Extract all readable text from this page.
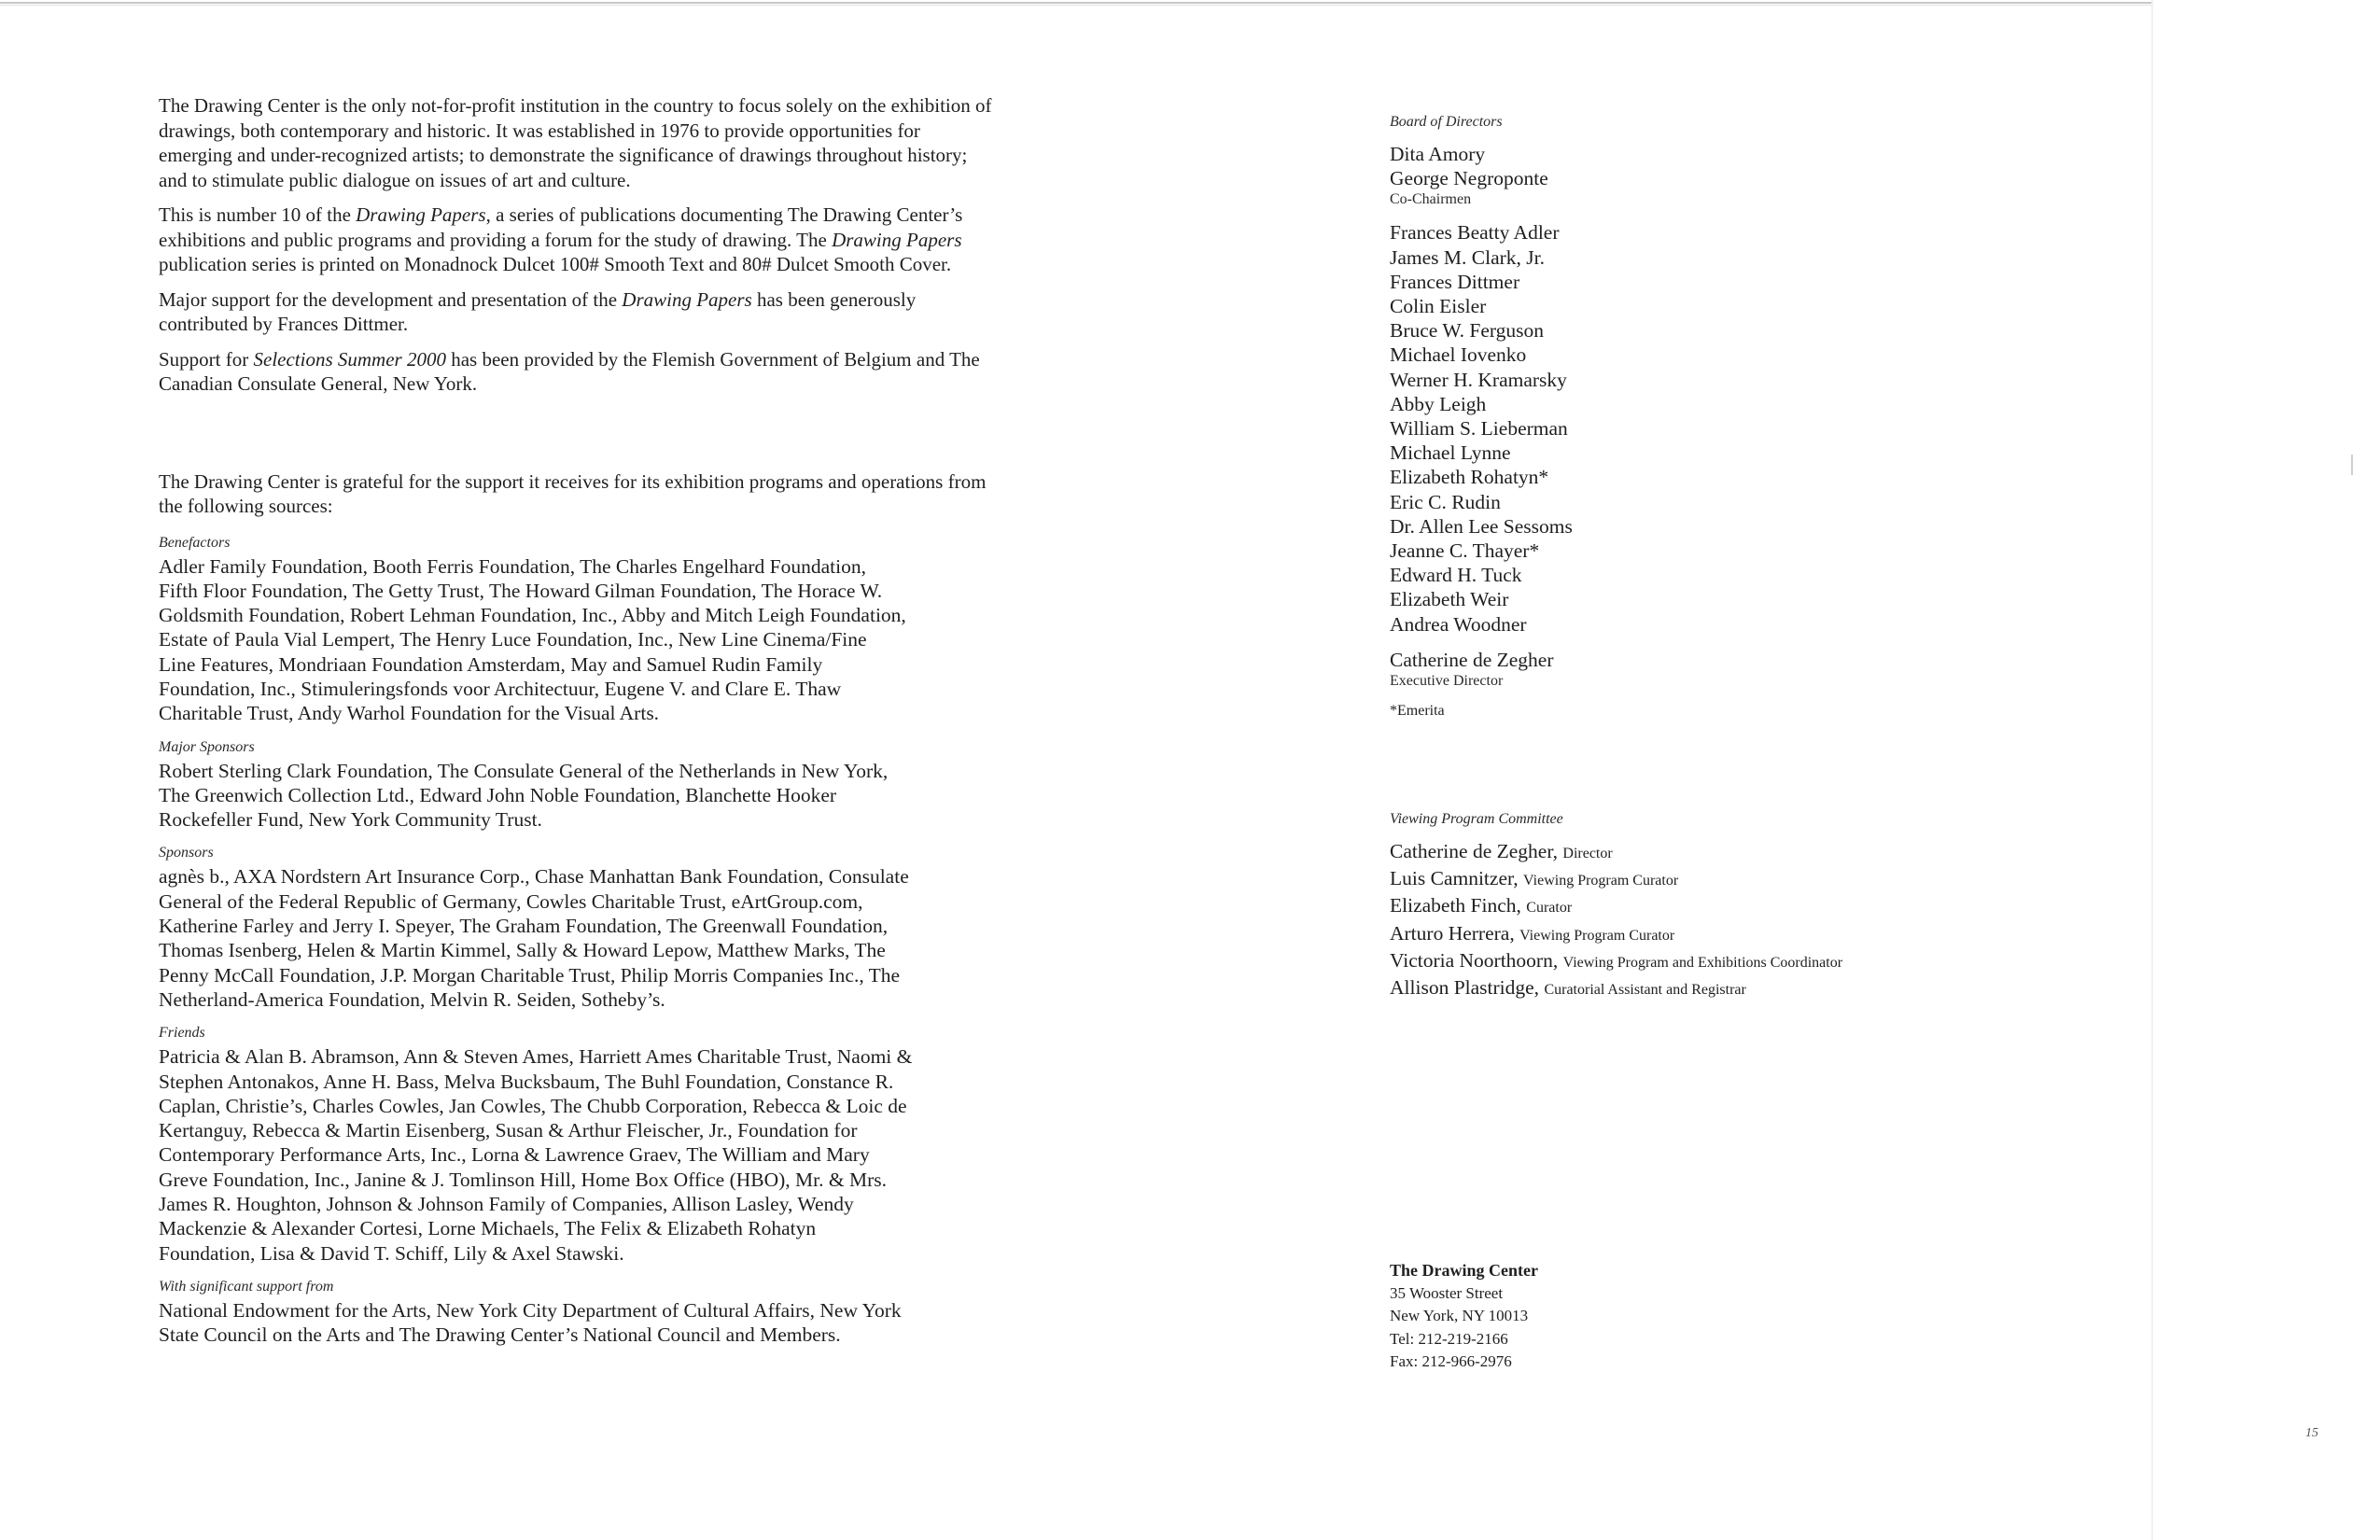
The Drawing Center is the only not-for-profit institution in the country to focus solely on the exhibition of drawings, both contemporary and historic. It was established in 1976 to provide opportunities for emerging and under-recognized artists; to demonstrate the significance of drawings throughout history; and to stimulate public dialogue on issues of art and culture.

This is number 10 of the Drawing Papers, a series of publications documenting The Drawing Center’s exhibitions and public programs and providing a forum for the study of drawing. The Drawing Papers publication series is printed on Monadnock Dulcet 100# Smooth Text and 80# Dulcet Smooth Cover.

Major support for the development and presentation of the Drawing Papers has been generously contributed by Frances Dittmer.

Support for Selections Summer 2000 has been provided by the Flemish Government of Belgium and The Canadian Consulate General, New York.

The Drawing Center is grateful for the support it receives for its exhibition programs and operations from the following sources:

Benefactors
Adler Family Foundation, Booth Ferris Foundation, The Charles Engelhard Foundation,
Fifth Floor Foundation, The Getty Trust, The Howard Gilman Foundation, The Horace W.
Goldsmith Foundation, Robert Lehman Foundation, Inc., Abby and Mitch Leigh Foundation,
Estate of Paula Vial Lempert, The Henry Luce Foundation, Inc., New Line Cinema/Fine
Line Features, Mondriaan Foundation Amsterdam, May and Samuel Rudin Family
Foundation, Inc., Stimuleringsfonds voor Architectuur, Eugene V. and Clare E. Thaw
Charitable Trust, Andy Warhol Foundation for the Visual Arts.
Major Sponsors
Robert Sterling Clark Foundation, The Consulate General of the Netherlands in New York,
The Greenwich Collection Ltd., Edward John Noble Foundation, Blanchette Hooker
Rockefeller Fund, New York Community Trust.
Sponsors
agnès b., AXA Nordstern Art Insurance Corp., Chase Manhattan Bank Foundation, Consulate
General of the Federal Republic of Germany, Cowles Charitable Trust, eArtGroup.com,
Katherine Farley and Jerry I. Speyer, The Graham Foundation, The Greenwall Foundation,
Thomas Isenberg, Helen & Martin Kimmel, Sally & Howard Lepow, Matthew Marks, The
Penny McCall Foundation, J.P. Morgan Charitable Trust, Philip Morris Companies Inc., The
Netherland-America Foundation, Melvin R. Seiden, Sotheby’s.
Friends
Patricia & Alan B. Abramson, Ann & Steven Ames, Harriett Ames Charitable Trust, Naomi &
Stephen Antonakos, Anne H. Bass, Melva Bucksbaum, The Buhl Foundation, Constance R.
Caplan, Christie’s, Charles Cowles, Jan Cowles, The Chubb Corporation, Rebecca & Loic de
Kertanguy, Rebecca & Martin Eisenberg, Susan & Arthur Fleischer, Jr., Foundation for
Contemporary Performance Arts, Inc., Lorna & Lawrence Graev, The William and Mary
Greve Foundation, Inc., Janine & J. Tomlinson Hill, Home Box Office (HBO), Mr. & Mrs.
James R. Houghton, Johnson & Johnson Family of Companies, Allison Lasley, Wendy
Mackenzie & Alexander Cortesi, Lorne Michaels, The Felix & Elizabeth Rohatyn
Foundation, Lisa & David T. Schiff, Lily & Axel Stawski.
With significant support from
National Endowment for the Arts, New York City Department of Cultural Affairs, New York
State Council on the Arts and The Drawing Center’s National Council and Members.
Board of Directors
Dita Amory
George Negroponte
Co-Chairmen
Frances Beatty Adler
James M. Clark, Jr.
Frances Dittmer
Colin Eisler
Bruce W. Ferguson
Michael Iovenko
Werner H. Kramarsky
Abby Leigh
William S. Lieberman
Michael Lynne
Elizabeth Rohatyn*
Eric C. Rudin
Dr. Allen Lee Sessoms
Jeanne C. Thayer*
Edward H. Tuck
Elizabeth Weir
Andrea Woodner
Catherine de Zegher
Executive Director
*Emerita
Viewing Program Committee
Catherine de Zegher, Director
Luis Camnitzer, Viewing Program Curator
Elizabeth Finch, Curator
Arturo Herrera, Viewing Program Curator
Victoria Noorthoorn, Viewing Program and Exhibitions Coordinator
Allison Plastridge, Curatorial Assistant and Registrar
The Drawing Center
35 Wooster Street
New York, NY 10013
Tel: 212-219-2166
Fax: 212-966-2976
15
